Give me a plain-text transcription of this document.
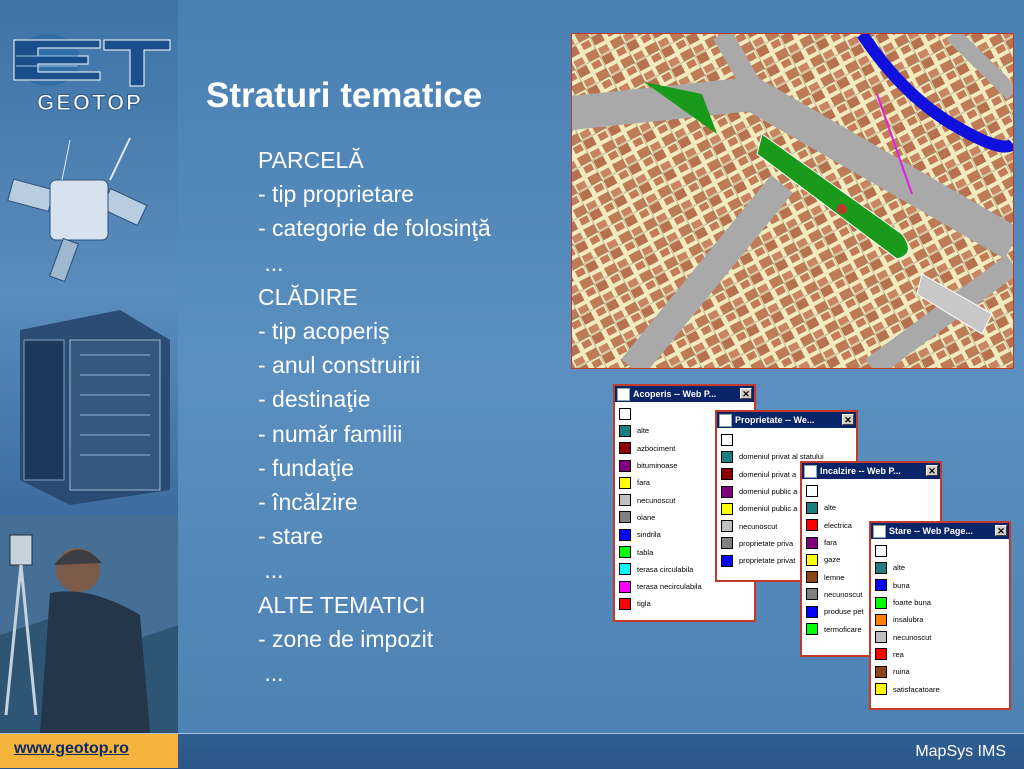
GEOTOP	Straturi tematice
PARCELĂ
- tip proprietare
- categorie de folosinţă
...
CLĂDIRE
- tip acoperiş
- anul construirii
- destinaţie
- număr familii
- fundaţie
- încălzire
- stare
...
ALTE TEMATICI
- zone de impozit
...
Acoperis -- Web P...	✕
alte
azbociment
bituminoase
fara
necunoscut
olane
sindrila
tabla
terasa circulabila
terasa necirculabila
tigla
Proprietate -- We...	✕
domeniul privat al statului
domeniul privat a
domeniul public a
domeniul public a
necunoscut
proprietate priva
proprietate privat
Incalzire -- Web P...	✕
alte
electrica
fara
gaze
lemne
necunoscut
produse pet
termoficare
Stare -- Web Page...	✕
alte
buna
foarte buna
insalubra
necunoscut
rea
ruina
satisfacatoare
www.geotop.ro	MapSys IMS
